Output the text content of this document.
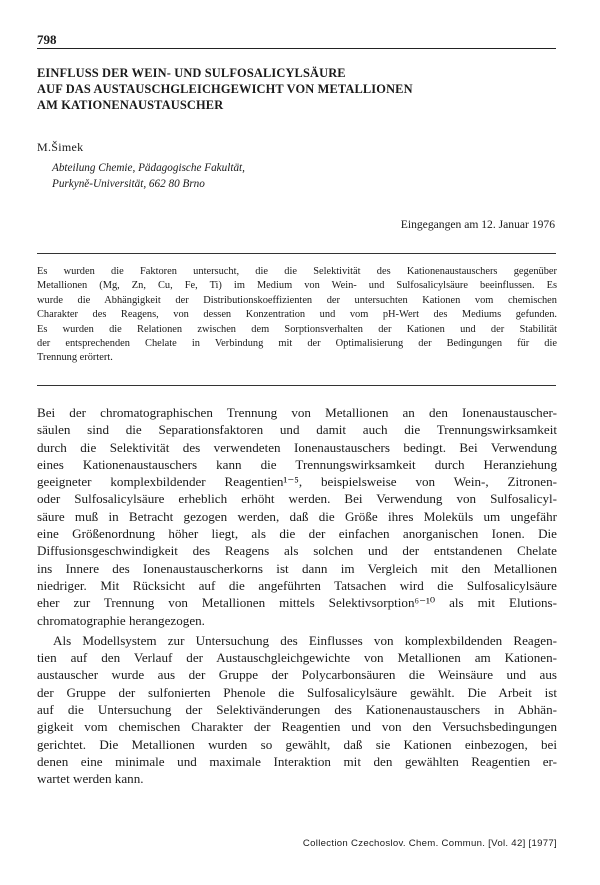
798
EINFLUSS DER WEIN- UND SULFOSALICYLSÄURE
AUF DAS AUSTAUSCHGLEICHGEWICHT VON METALLIONEN
AM KATIONENAUSTAUSCHER
M.Šimek
Abteilung Chemie, Pädagogische Fakultät,
Purkyně-Universität, 662 80 Brno
Eingegangen am 12. Januar 1976
Es wurden die Faktoren untersucht, die die Selektivität des Kationenaustauschers gegenüber
Metallionen (Mg, Zn, Cu, Fe, Ti) im Medium von Wein- und Sulfosalicylsäure beeinflussen. Es
wurde die Abhängigkeit der Distributionskoeffizienten der untersuchten Kationen vom chemischen
Charakter des Reagens, von dessen Konzentration und vom pH-Wert des Mediums gefunden.
Es wurden die Relationen zwischen dem Sorptionsverhalten der Kationen und der Stabilität
der entsprechenden Chelate in Verbindung mit der Optimalisierung der Bedingungen für die
Trennung erörtert.
Bei der chromatographischen Trennung von Metallionen an den Ionenaustauscher-
säulen sind die Separationsfaktoren und damit auch die Trennungswirksamkeit
durch die Selektivität des verwendeten Ionenaustauschers bedingt. Bei Verwendung
eines Kationenaustauschers kann die Trennungswirksamkeit durch Heranziehung
geeigneter komplexbildender Reagentien¹⁻⁵, beispielsweise von Wein-, Zitronen-
oder Sulfosalicylsäure erheblich erhöht werden. Bei Verwendung von Sulfosalicyl-
säure muß in Betracht gezogen werden, daß die Größe ihres Moleküls um ungefähr
eine Größenordnung höher liegt, als die der einfachen anorganischen Ionen. Die
Diffusionsgeschwindigkeit des Reagens als solchen und der entstandenen Chelate
ins Innere des Ionenaustauscherkorns ist dann im Vergleich mit den Metallionen
niedriger. Mit Rücksicht auf die angeführten Tatsachen wird die Sulfosalicylsäure
eher zur Trennung von Metallionen mittels Selektivsorption⁶⁻¹⁰ als mit Elutions-
chromatographie herangezogen.
Als Modellsystem zur Untersuchung des Einflusses von komplexbildenden Reagen-
tien auf den Verlauf der Austauschgleichgewichte von Metallionen am Kationen-
austauscher wurde aus der Gruppe der Polycarbonsäuren die Weinsäure und aus
der Gruppe der sulfonierten Phenole die Sulfosalicylsäure gewählt. Die Arbeit ist
auf die Untersuchung der Selektivänderungen des Kationenaustauschers in Abhän-
gigkeit vom chemischen Charakter der Reagentien und von den Versuchsbedingungen
gerichtet. Die Metallionen wurden so gewählt, daß sie Kationen einbezogen, bei
denen eine minimale und maximale Interaktion mit den gewählten Reagentien er-
wartet werden kann.
Collection Czechoslov. Chem. Commun. [Vol. 42] [1977]
